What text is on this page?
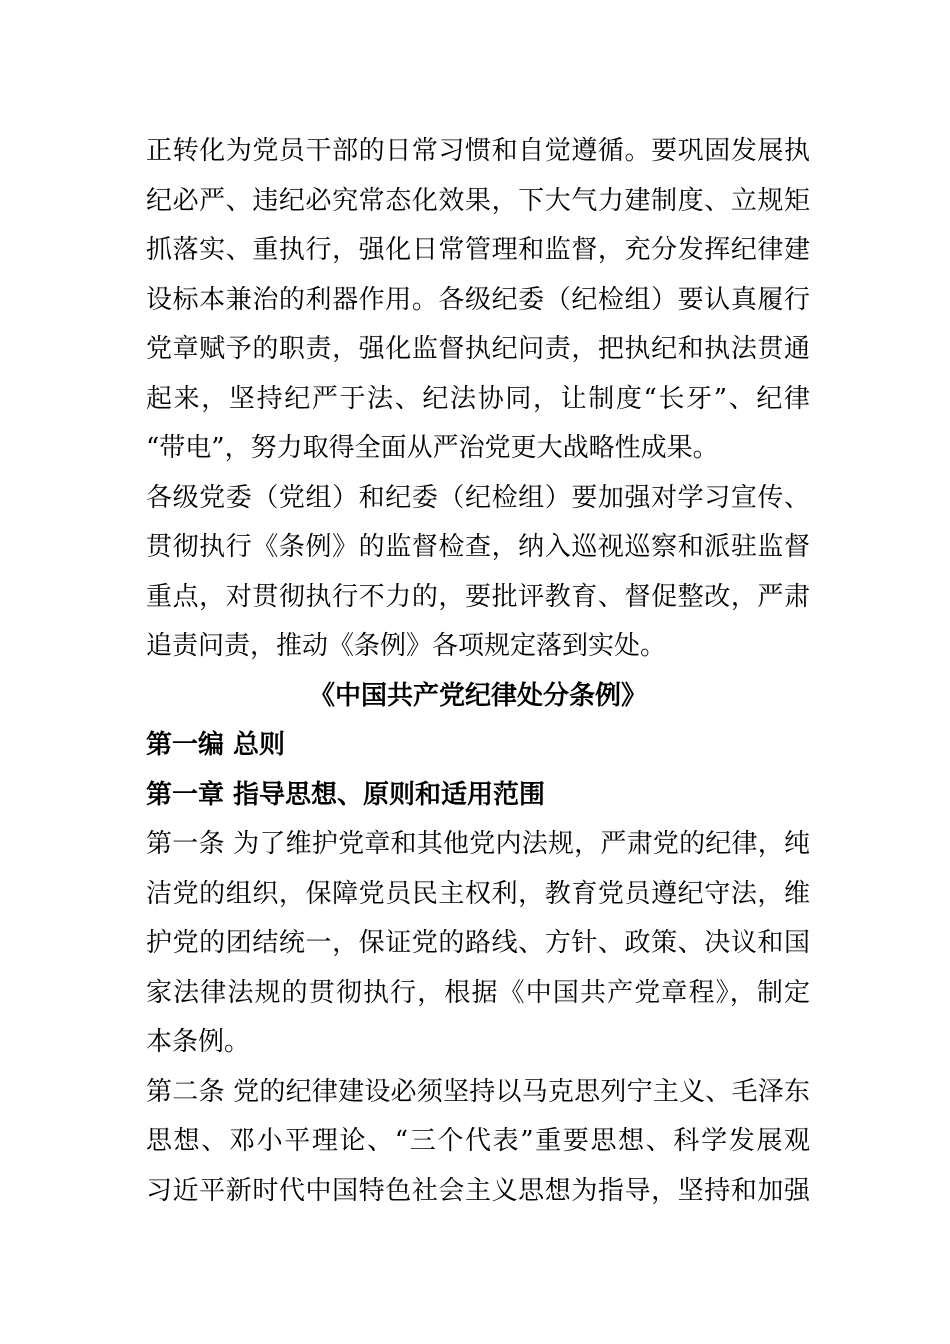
正转化为党员干部的日常习惯和自觉遵循。要巩固发展执
纪必严、违纪必究常态化效果，下大气力建制度、立规矩
抓落实、重执行，强化日常管理和监督，充分发挥纪律建
设标本兼治的利器作用。各级纪委（纪检组）要认真履行
党章赋予的职责，强化监督执纪问责，把执纪和执法贯通
起来，坚持纪严于法、纪法协同，让制度“长牙”、纪律
“带电”，努力取得全面从严治党更大战略性成果。
各级党委（党组）和纪委（纪检组）要加强对学习宣传、
贯彻执行《条例》的监督检查，纳入巡视巡察和派驻监督
重点，对贯彻执行不力的，要批评教育、督促整改，严肃
追责问责，推动《条例》各项规定落到实处。
《中国共产党纪律处分条例》
第一编 总则
第一章 指导思想、原则和适用范围
第一条 为了维护党章和其他党内法规，严肃党的纪律，纯
洁党的组织，保障党员民主权利，教育党员遵纪守法，维
护党的团结统一，保证党的路线、方针、政策、决议和国
家法律法规的贯彻执行，根据《中国共产党章程》，制定
本条例。
第二条 党的纪律建设必须坚持以马克思列宁主义、毛泽东
思想、邓小平理论、“三个代表”重要思想、科学发展观
习近平新时代中国特色社会主义思想为指导，坚持和加强
